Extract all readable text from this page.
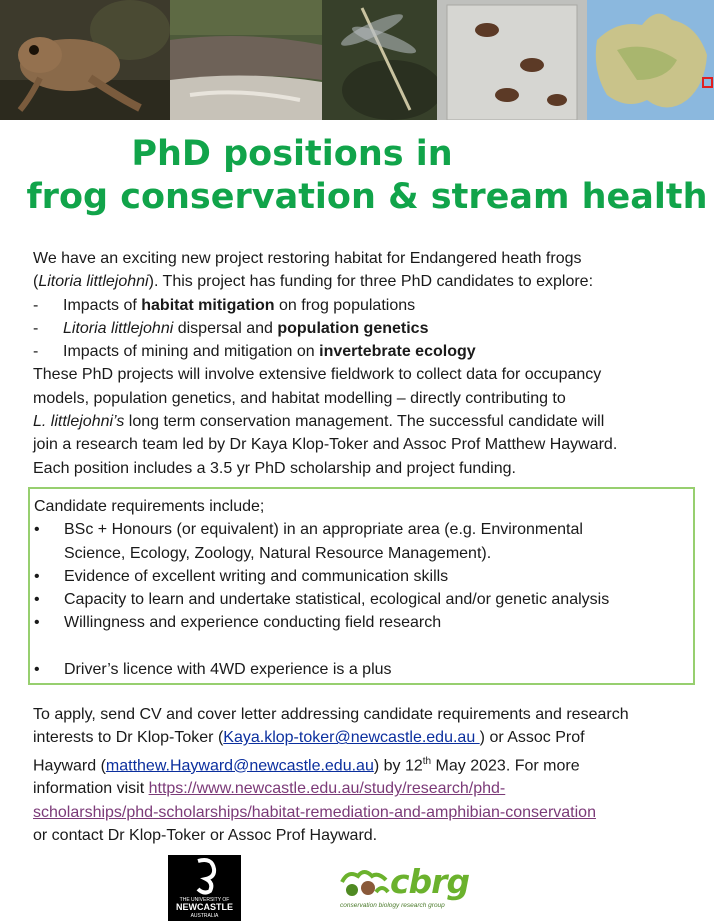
PhD positions in
frog conservation & stream health
We have an exciting new project restoring habitat for Endangered heath frogs
(Litoria littlejohni). This project has funding for three PhD candidates to explore:
- Impacts of habitat mitigation on frog populations
- Litoria littlejohni dispersal and population genetics
- Impacts of mining and mitigation on invertebrate ecology
These PhD projects will involve extensive fieldwork to collect data for occupancy
models, population genetics, and habitat modelling – directly contributing to
L. littlejohni’s long term conservation management. The successful candidate will
join a research team led by Dr Kaya Klop-Toker and Assoc Prof Matthew Hayward.
Each position includes a 3.5 yr PhD scholarship and project funding.
Candidate requirements include;
• BSc + Honours (or equivalent) in an appropriate area (e.g. Environmental
Science, Ecology, Zoology, Natural Resource Management).
• Evidence of excellent writing and communication skills
• Capacity to learn and undertake statistical, ecological and/or genetic analysis
• Willingness and experience conducting field research
• Driver’s licence with 4WD experience is a plus
To apply, send CV and cover letter addressing candidate requirements and research
interests to Dr Klop-Toker (Kaya.klop-toker@newcastle.edu.au ) or Assoc Prof
Hayward (matthew.Hayward@newcastle.edu.au) by 12th May 2023. For more
information visit https://www.newcastle.edu.au/study/research/phd-
scholarships/phd-scholarships/habitat-remediation-and-amphibian-conservation
or contact Dr Klop-Toker or Assoc Prof Hayward.
THE UNIVERSITY OF
NEWCASTLE
AUSTRALIA
cbrg
conservation biology research group
